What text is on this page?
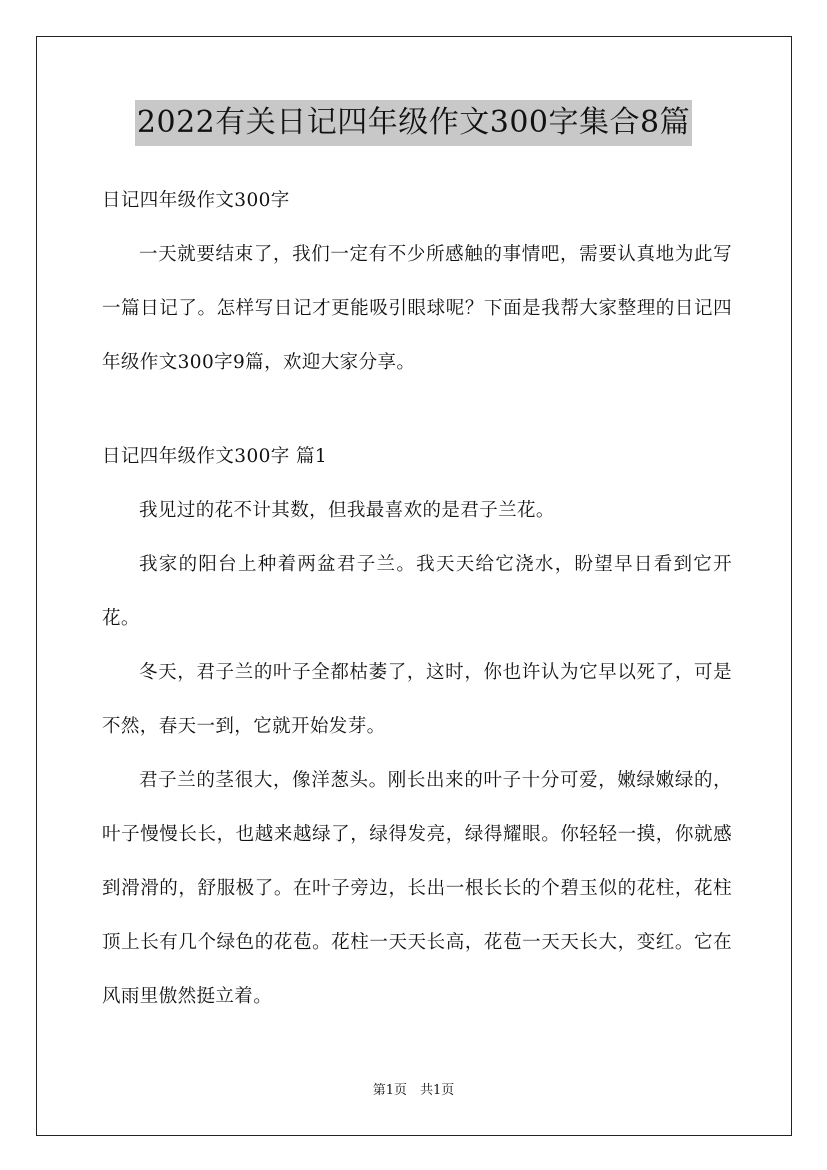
2022有关日记四年级作文300字集合8篇

日记四年级作文300字

一天就要结束了，我们一定有不少所感触的事情吧，需要认真地为此写一篇日记了。怎样写日记才更能吸引眼球呢？下面是我帮大家整理的日记四年级作文300字9篇，欢迎大家分享。

日记四年级作文300字 篇1

我见过的花不计其数，但我最喜欢的是君子兰花。

我家的阳台上种着两盆君子兰。我天天给它浇水，盼望早日看到它开花。

冬天，君子兰的叶子全都枯萎了，这时，你也许认为它早以死了，可是不然，春天一到，它就开始发芽。

君子兰的茎很大，像洋葱头。刚长出来的叶子十分可爱，嫩绿嫩绿的，叶子慢慢长长，也越来越绿了，绿得发亮，绿得耀眼。你轻轻一摸，你就感到滑滑的，舒服极了。在叶子旁边，长出一根长长的个碧玉似的花柱，花柱顶上长有几个绿色的花苞。花柱一天天长高，花苞一天天长大，变红。它在风雨里傲然挺立着。

第1页　共1页
